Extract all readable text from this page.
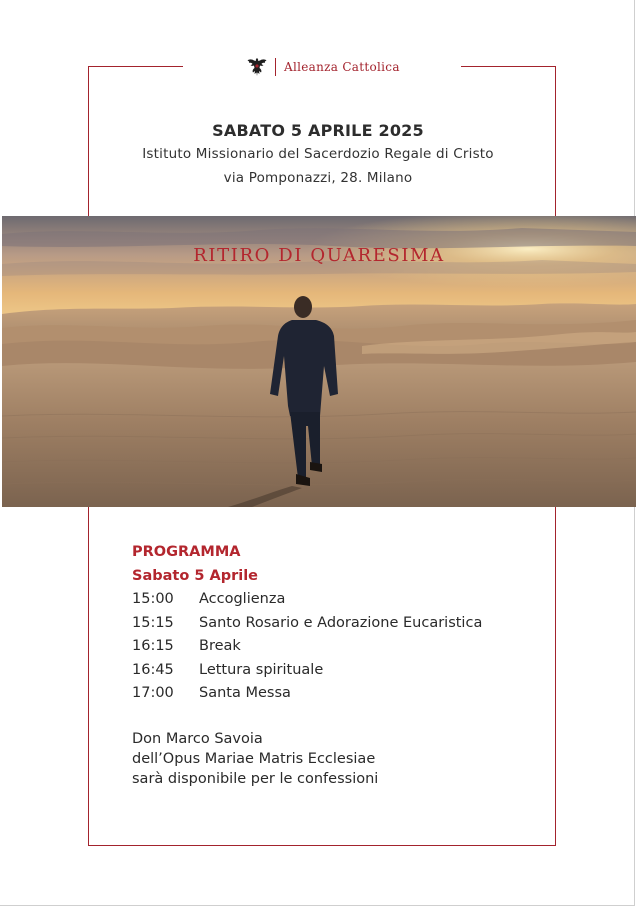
Alleanza Cattolica
SABATO 5 APRILE 2025
Istituto Missionario del Sacerdozio Regale di Cristo
via Pomponazzi, 28. Milano
RITIRO DI QUARESIMA
PROGRAMMA
Sabato 5 Aprile
15:00	Accoglienza
15:15	Santo Rosario e Adorazione Eucaristica
16:15	Break
16:45	Lettura spirituale
17:00	Santa Messa
Don Marco Savoia
dell’Opus Mariae Matris Ecclesiae
sarà disponibile per le confessioni
